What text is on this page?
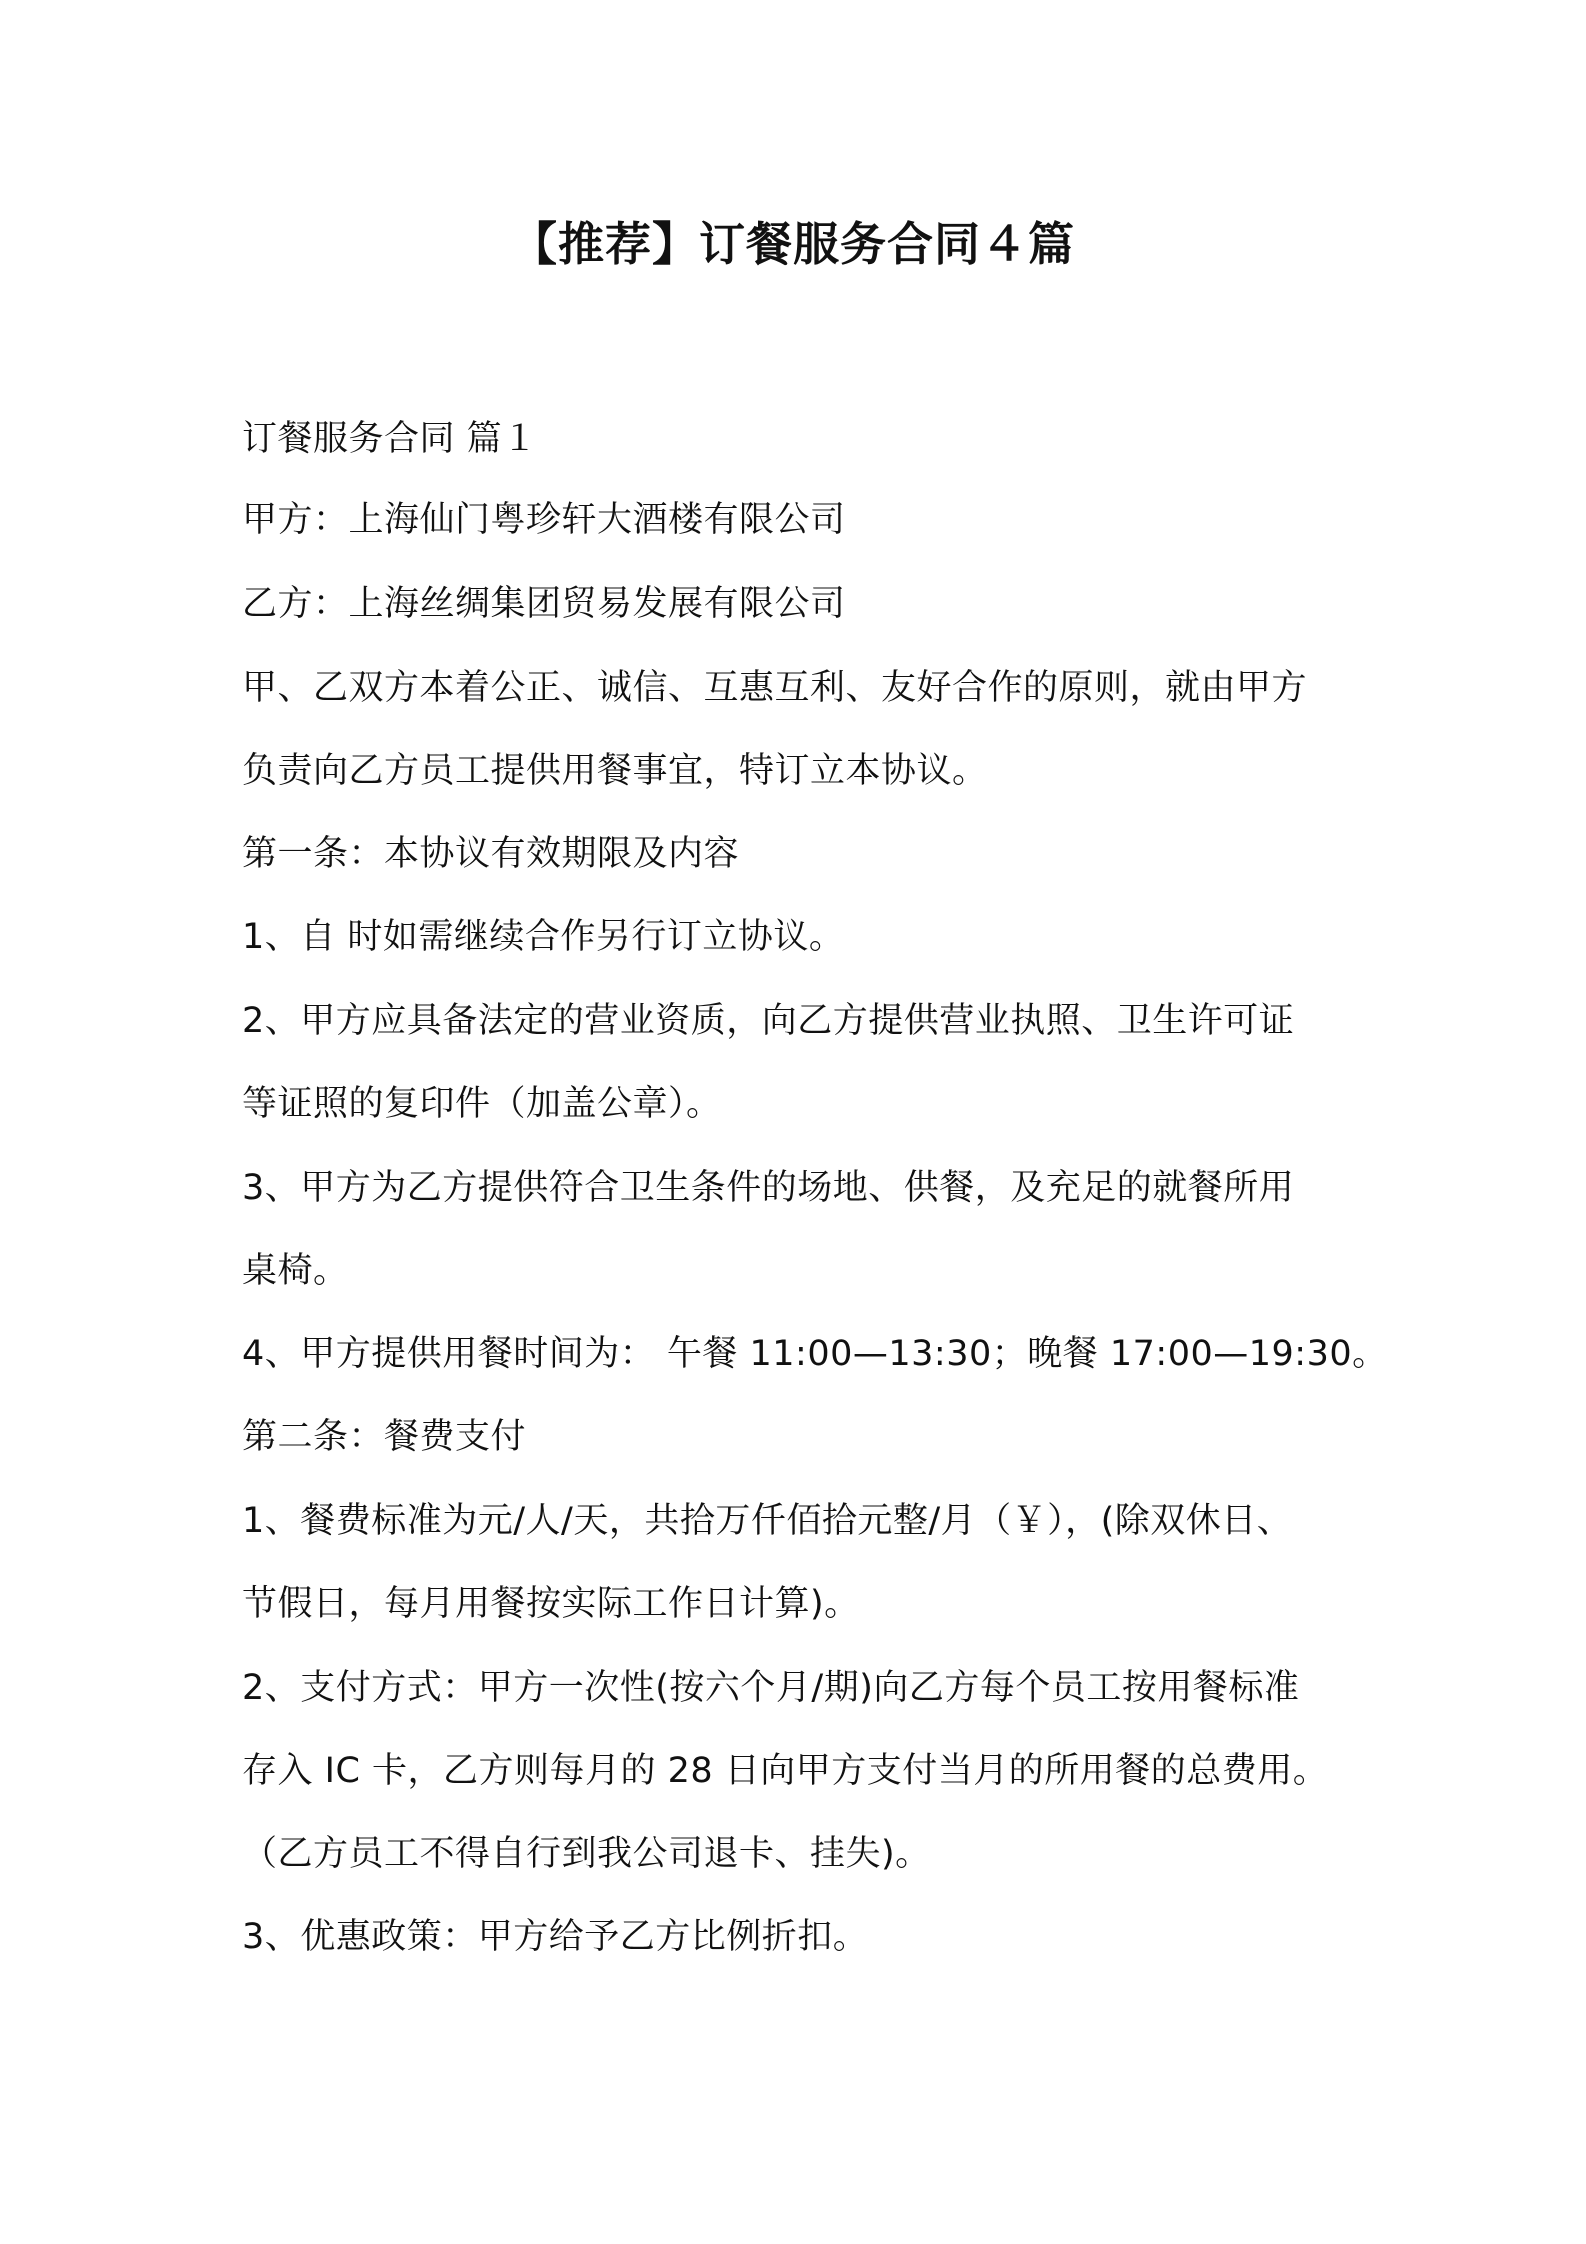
【推荐】订餐服务合同４篇
订餐服务合同 篇１
甲方：上海仙门粤珍轩大酒楼有限公司
乙方：上海丝绸集团贸易发展有限公司
甲、乙双方本着公正、诚信、互惠互利、友好合作的原则，就由甲方
负责向乙方员工提供用餐事宜，特订立本协议。
第一条：本协议有效期限及内容
1、自 时如需继续合作另行订立协议。
2、甲方应具备法定的营业资质，向乙方提供营业执照、卫生许可证
等证照的复印件（加盖公章）。
3、甲方为乙方提供符合卫生条件的场地、供餐，及充足的就餐所用
桌椅。
4、甲方提供用餐时间为： 午餐 11:00—13:30；晚餐 17:00—19:30。
第二条：餐费支付
1、餐费标准为元/人/天，共拾万仟佰拾元整/月（￥），(除双休日、
节假日，每月用餐按实际工作日计算)。
2、支付方式：甲方一次性(按六个月/期)向乙方每个员工按用餐标准
存入 IC 卡，乙方则每月的 28 日向甲方支付当月的所用餐的总费用。
（乙方员工不得自行到我公司退卡、挂失)。
3、优惠政策：甲方给予乙方比例折扣。
